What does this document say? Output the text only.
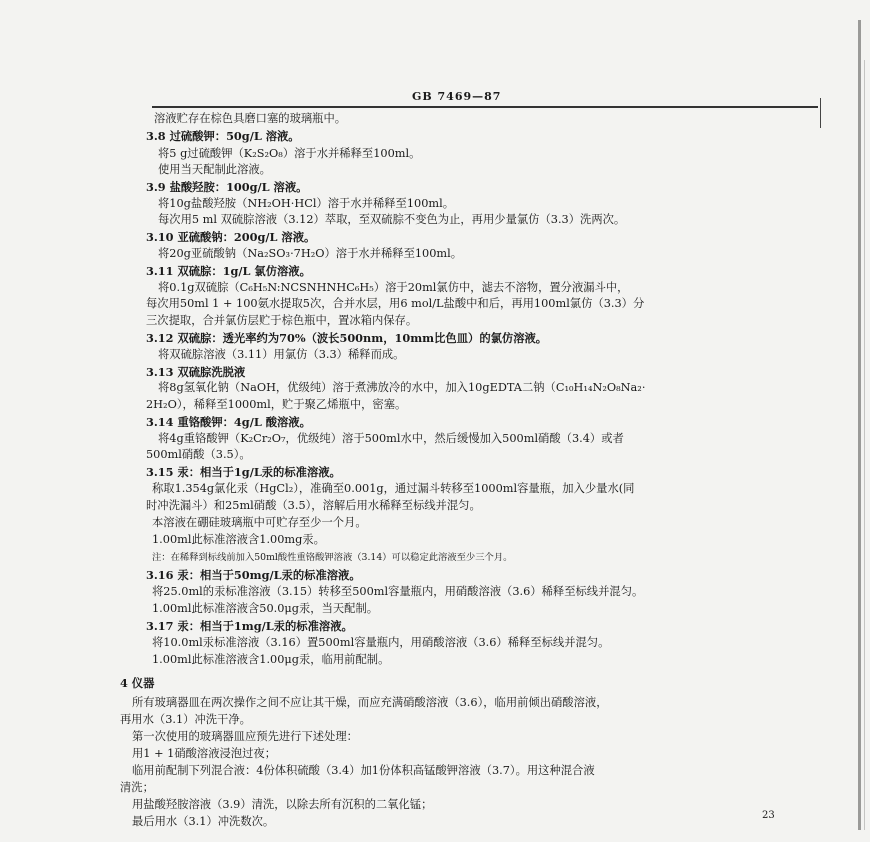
GB 7469—87
溶液贮存在棕色具磨口塞的玻璃瓶中。
3.8 过硫酸钾：50g/L 溶液。
将5 g过硫酸钾（K₂S₂O₈）溶于水并稀释至100ml。
使用当天配制此溶液。
3.9 盐酸羟胺：100g/L 溶液。
将10g盐酸羟胺（NH₂OH·HCl）溶于水并稀释至100ml。
每次用5 ml 双硫腙溶液（3.12）萃取，至双硫腙不变色为止，再用少量氯仿（3.3）洗两次。
3.10 亚硫酸钠：200g/L 溶液。
将20g亚硫酸钠（Na₂SO₃·7H₂O）溶于水并稀释至100ml。
3.11 双硫腙：1g/L 氯仿溶液。
将0.1g双硫腙（C₆H₅N:NCSNHNHC₆H₅）溶于20ml氯仿中，滤去不溶物，置分液漏斗中，
每次用50ml 1 + 100氨水提取5次，合并水层，用6 mol/L盐酸中和后，再用100ml氯仿（3.3）分
三次提取，合并氯仿层贮于棕色瓶中，置冰箱内保存。
3.12 双硫腙：透光率约为70%（波长500nm，10mm比色皿）的氯仿溶液。
将双硫腙溶液（3.11）用氯仿（3.3）稀释而成。
3.13 双硫腙洗脱液
将8g氢氧化钠（NaOH，优级纯）溶于煮沸放冷的水中，加入10gEDTA二钠（C₁₀H₁₄N₂O₈Na₂·
2H₂O），稀释至1000ml，贮于聚乙烯瓶中，密塞。
3.14 重铬酸钾：4g/L 酸溶液。
将4g重铬酸钾（K₂Cr₂O₇，优级纯）溶于500ml水中，然后缓慢加入500ml硝酸（3.4）或者
500ml硝酸（3.5）。
3.15 汞：相当于1g/L汞的标准溶液。
称取1.354g氯化汞（HgCl₂），准确至0.001g，通过漏斗转移至1000ml容量瓶，加入少量水(同
时冲洗漏斗）和25ml硝酸（3.5），溶解后用水稀释至标线并混匀。
本溶液在硼硅玻璃瓶中可贮存至少一个月。
1.00ml此标准溶液含1.00mg汞。
注：在稀释到标线前加入50ml酸性重铬酸钾溶液（3.14）可以稳定此溶液至少三个月。
3.16 汞：相当于50mg/L汞的标准溶液。
将25.0ml的汞标准溶液（3.15）转移至500ml容量瓶内，用硝酸溶液（3.6）稀释至标线并混匀。
1.00ml此标准溶液含50.0μg汞，当天配制。
3.17 汞：相当于1mg/L汞的标准溶液。
将10.0ml汞标准溶液（3.16）置500ml容量瓶内，用硝酸溶液（3.6）稀释至标线并混匀。
1.00ml此标准溶液含1.00μg汞，临用前配制。
4 仪器
所有玻璃器皿在两次操作之间不应让其干燥，而应充满硝酸溶液（3.6），临用前倾出硝酸溶液，
再用水（3.1）冲洗干净。
第一次使用的玻璃器皿应预先进行下述处理：
用1 + 1硝酸溶液浸泡过夜；
临用前配制下列混合液：4份体积硫酸（3.4）加1份体积高锰酸钾溶液（3.7）。用这种混合液
清洗；
用盐酸羟胺溶液（3.9）清洗，以除去所有沉积的二氧化锰；
最后用水（3.1）冲洗数次。	23
